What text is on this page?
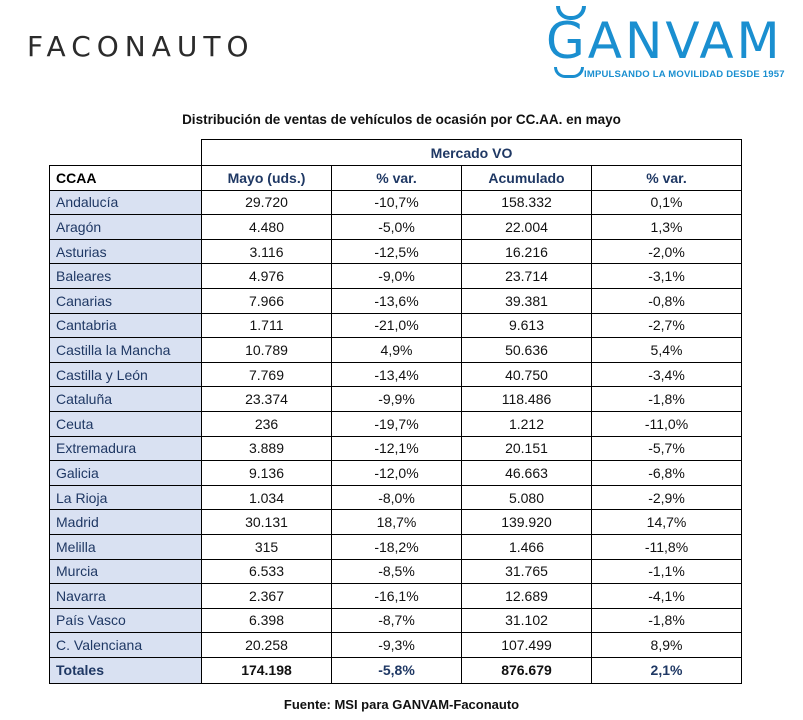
FACONAUTO	GANVAM
IMPULSANDO LA MOVILIDAD DESDE 1957
Distribución de ventas de vehículos de ocasión por CC.AA. en mayo
	Mercado VO			
CCAA	Mayo (uds.)	% var.	Acumulado	% var.
Andalucía	29.720	-10,7%	158.332	0,1%
Aragón	4.480	-5,0%	22.004	1,3%
Asturias	3.116	-12,5%	16.216	-2,0%
Baleares	4.976	-9,0%	23.714	-3,1%
Canarias	7.966	-13,6%	39.381	-0,8%
Cantabria	1.711	-21,0%	9.613	-2,7%
Castilla la Mancha	10.789	4,9%	50.636	5,4%
Castilla y León	7.769	-13,4%	40.750	-3,4%
Cataluña	23.374	-9,9%	118.486	-1,8%
Ceuta	236	-19,7%	1.212	-11,0%
Extremadura	3.889	-12,1%	20.151	-5,7%
Galicia	9.136	-12,0%	46.663	-6,8%
La Rioja	1.034	-8,0%	5.080	-2,9%
Madrid	30.131	18,7%	139.920	14,7%
Melilla	315	-18,2%	1.466	-11,8%
Murcia	6.533	-8,5%	31.765	-1,1%
Navarra	2.367	-16,1%	12.689	-4,1%
País Vasco	6.398	-8,7%	31.102	-1,8%
C. Valenciana	20.258	-9,3%	107.499	8,9%
Totales	174.198	-5,8%	876.679	2,1%
Fuente: MSI para GANVAM-Faconauto
